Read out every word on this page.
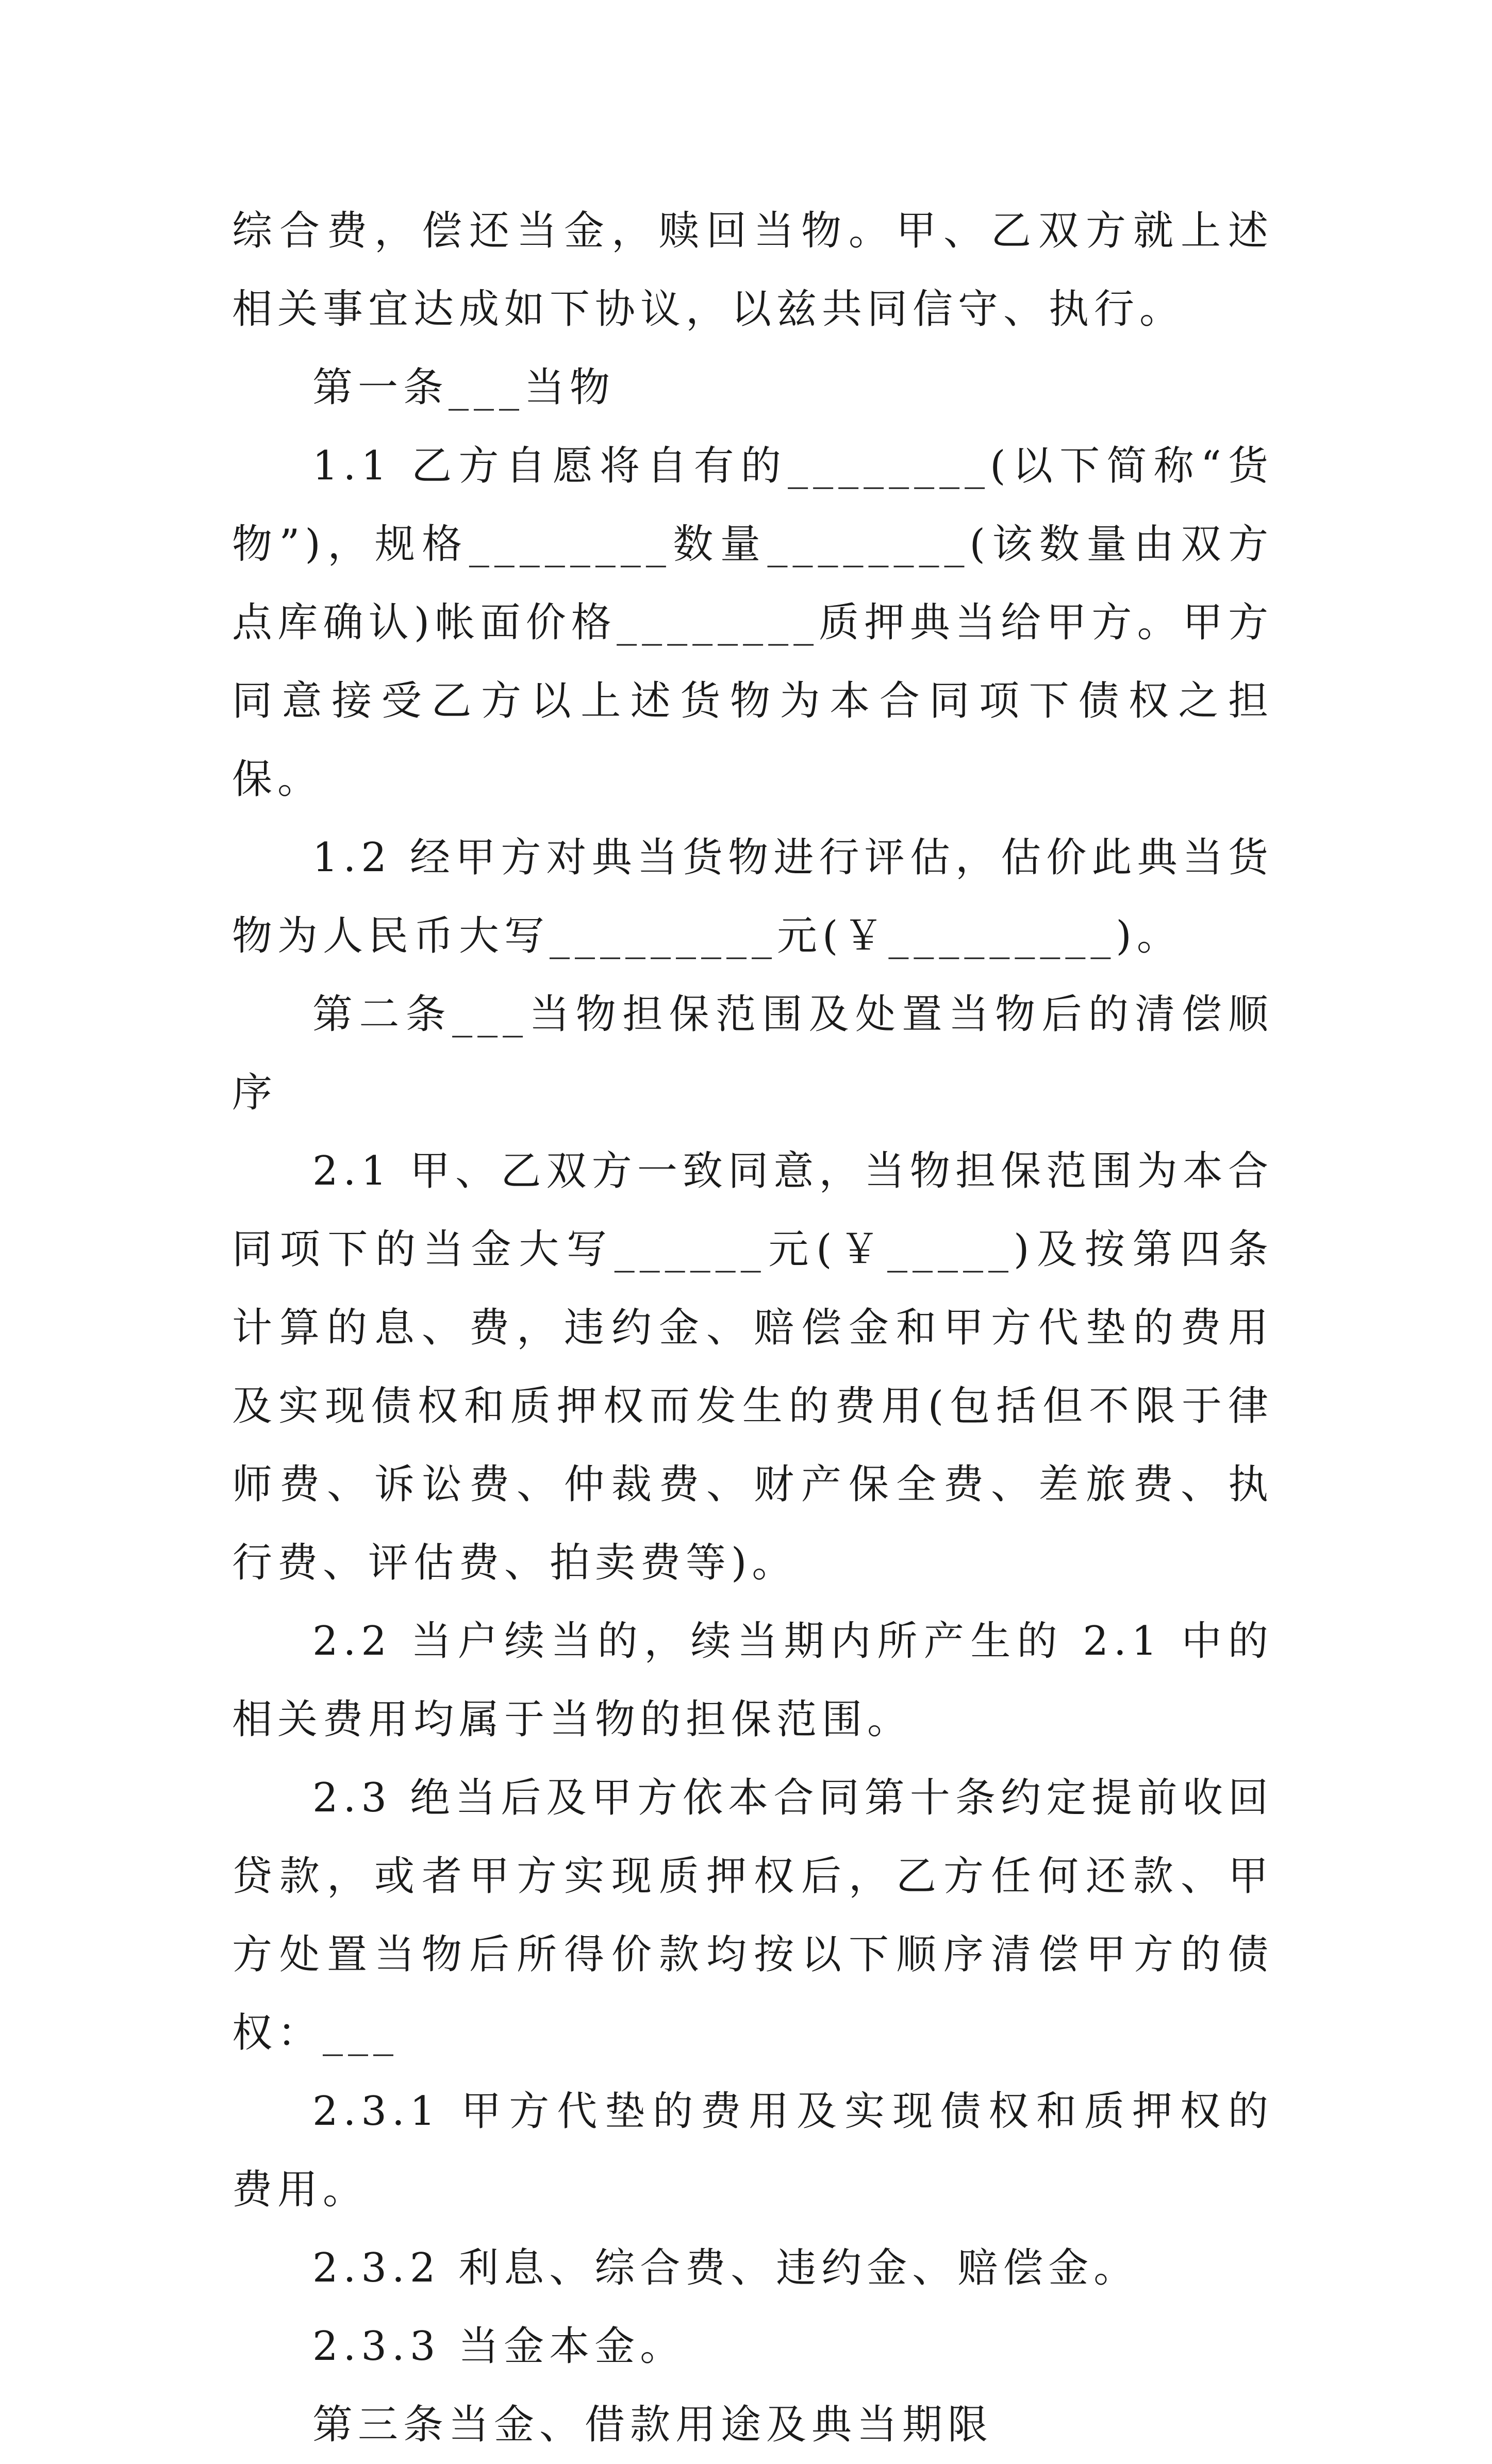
综合费，偿还当金，赎回当物。甲、乙双方就上述相关事宜达成如下协议，以兹共同信守、执行。

第一条___当物

1.1 乙方自愿将自有的________(以下简称“货物”)，规格________数量________(该数量由双方点库确认)帐面价格________质押典当给甲方。甲方同意接受乙方以上述货物为本合同项下债权之担保。

1.2 经甲方对典当货物进行评估，估价此典当货物为人民币大写_________元(￥_________)。

第二条___当物担保范围及处置当物后的清偿顺序

2.1 甲、乙双方一致同意，当物担保范围为本合同项下的当金大写______元(￥_____)及按第四条计算的息、费，违约金、赔偿金和甲方代垫的费用及实现债权和质押权而发生的费用(包括但不限于律师费、诉讼费、仲裁费、财产保全费、差旅费、执行费、评估费、拍卖费等)。

2.2 当户续当的，续当期内所产生的 2.1 中的相关费用均属于当物的担保范围。

2.3 绝当后及甲方依本合同第十条约定提前收回贷款，或者甲方实现质押权后，乙方任何还款、甲方处置当物后所得价款均按以下顺序清偿甲方的债权：___

2.3.1 甲方代垫的费用及实现债权和质押权的费用。

2.3.2 利息、综合费、违约金、赔偿金。

2.3.3 当金本金。

第三条当金、借款用途及典当期限
